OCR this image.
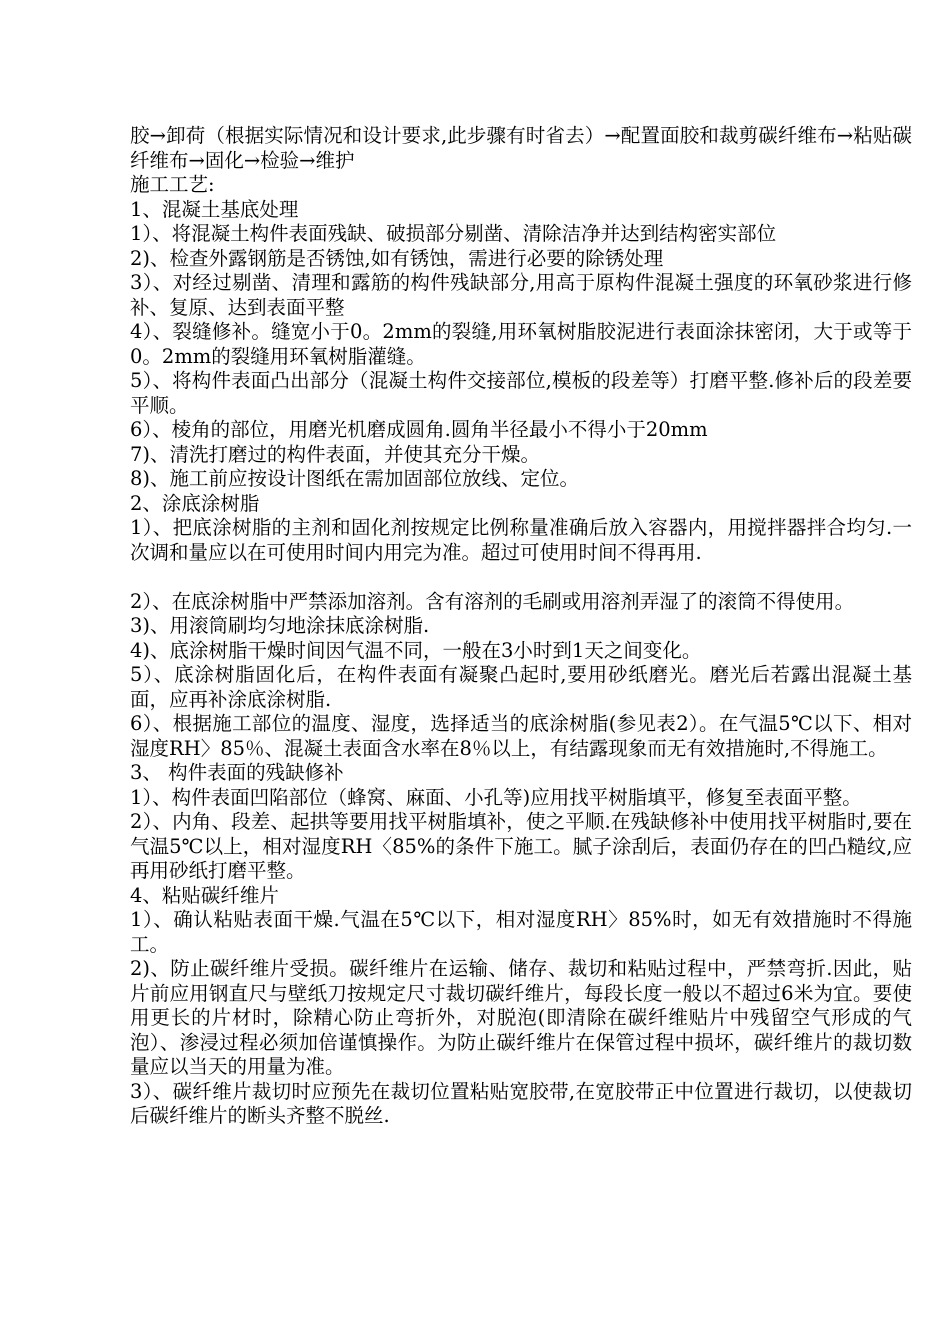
胶→卸荷（根据实际情况和设计要求,此步骤有时省去）→配置面胶和裁剪碳纤维布→粘贴碳纤维布→固化→检验→维护

施工工艺:

1、混凝土基底处理

1）、将混凝土构件表面残缺、破损部分剔凿、清除洁净并达到结构密实部位

2)、检查外露钢筋是否锈蚀,如有锈蚀，需进行必要的除锈处理

3）、对经过剔凿、清理和露筋的构件残缺部分,用高于原构件混凝土强度的环氧砂浆进行修补、复原、达到表面平整

4）、裂缝修补。缝宽小于0。2mm的裂缝,用环氧树脂胶泥进行表面涂抹密闭，大于或等于0。2mm的裂缝用环氧树脂灌缝。

5）、将构件表面凸出部分（混凝土构件交接部位,模板的段差等）打磨平整.修补后的段差要平顺。

6）、棱角的部位，用磨光机磨成圆角.圆角半径最小不得小于20mm

7)、清洗打磨过的构件表面，并使其充分干燥。

8)、施工前应按设计图纸在需加固部位放线、定位。

2、涂底涂树脂

1）、把底涂树脂的主剂和固化剂按规定比例称量准确后放入容器内，用搅拌器拌合均匀.一次调和量应以在可使用时间内用完为准。超过可使用时间不得再用.

2）、在底涂树脂中严禁添加溶剂。含有溶剂的毛刷或用溶剂弄湿了的滚筒不得使用。

3)、用滚筒刷均匀地涂抹底涂树脂.

4)、底涂树脂干燥时间因气温不同，一般在3小时到1天之间变化。

5）、底涂树脂固化后，在构件表面有凝聚凸起时,要用砂纸磨光。磨光后若露出混凝土基面，应再补涂底涂树脂.

6）、根据施工部位的温度、湿度，选择适当的底涂树脂(参见表2）。在气温5℃以下、相对湿度RH〉85％、混凝土表面含水率在8％以上，有结露现象而无有效措施时,不得施工。

3、 构件表面的残缺修补

1）、构件表面凹陷部位（蜂窝、麻面、小孔等)应用找平树脂填平，修复至表面平整。

2）、内角、段差、起拱等要用找平树脂填补，使之平顺.在残缺修补中使用找平树脂时,要在气温5℃以上，相对湿度RH〈85%的条件下施工。腻子涂刮后，表面仍存在的凹凸糙纹,应再用砂纸打磨平整。

4、粘贴碳纤维片

1）、确认粘贴表面干燥.气温在5℃以下，相对湿度RH〉85%时，如无有效措施时不得施工。

2)、防止碳纤维片受损。碳纤维片在运输、储存、裁切和粘贴过程中，严禁弯折.因此，贴片前应用钢直尺与壁纸刀按规定尺寸裁切碳纤维片，每段长度一般以不超过6米为宜。要使用更长的片材时，除精心防止弯折外，对脱泡(即清除在碳纤维贴片中残留空气形成的气泡）、渗浸过程必须加倍谨慎操作。为防止碳纤维片在保管过程中损坏，碳纤维片的裁切数量应以当天的用量为准。

3）、碳纤维片裁切时应预先在裁切位置粘贴宽胶带,在宽胶带正中位置进行裁切，以使裁切后碳纤维片的断头齐整不脱丝.
